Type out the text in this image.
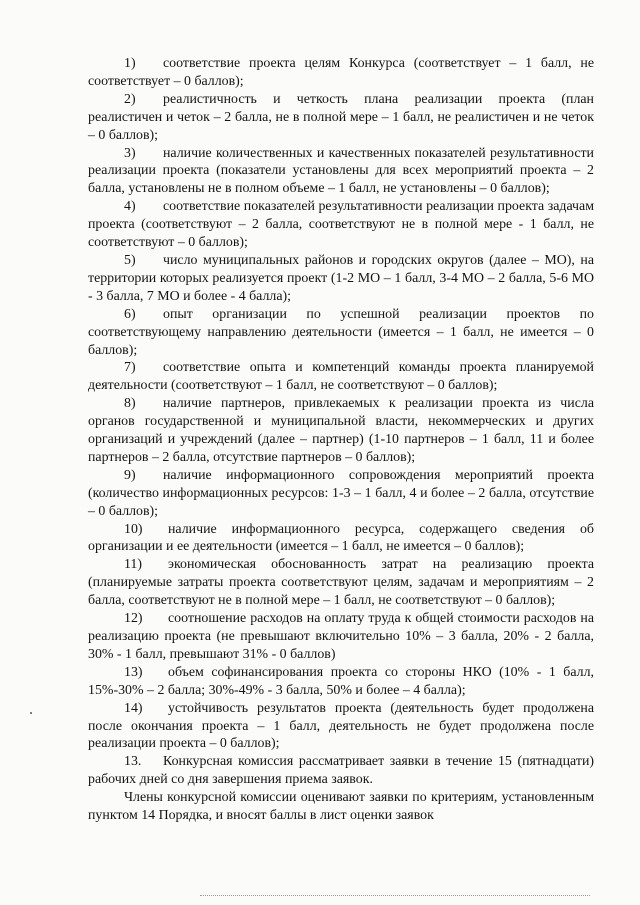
1) соответствие проекта целям Конкурса (соответствует – 1 балл, не соответствует – 0 баллов);

2) реалистичность и четкость плана реализации проекта (план реалистичен и четок – 2 балла, не в полной мере – 1 балл, не реалистичен и не четок – 0 баллов);

3) наличие количественных и качественных показателей результативности реализации проекта (показатели установлены для всех мероприятий проекта – 2 балла, установлены не в полном объеме – 1 балл, не установлены – 0 баллов);

4) соответствие показателей результативности реализации проекта задачам проекта (соответствуют – 2 балла, соответствуют не в полной мере - 1 балл, не соответствуют – 0 баллов);

5) число муниципальных районов и городских округов (далее – МО), на территории которых реализуется проект (1-2 МО – 1 балл, 3-4 МО – 2 балла, 5-6 МО - 3 балла, 7 МО и более - 4 балла);

6) опыт организации по успешной реализации проектов по соответствующему направлению деятельности (имеется – 1 балл, не имеется – 0 баллов);

7) соответствие опыта и компетенций команды проекта планируемой деятельности (соответствуют – 1 балл, не соответствуют – 0 баллов);

8) наличие партнеров, привлекаемых к реализации проекта из числа органов государственной и муниципальной власти, некоммерческих и других организаций и учреждений (далее – партнер) (1-10 партнеров – 1 балл, 11 и более партнеров – 2 балла, отсутствие партнеров – 0 баллов);

9) наличие информационного сопровождения мероприятий проекта (количество информационных ресурсов: 1-3 – 1 балл, 4 и более – 2 балла, отсутствие – 0 баллов);

10) наличие информационного ресурса, содержащего сведения об организации и ее деятельности (имеется – 1 балл, не имеется – 0 баллов);

11) экономическая обоснованность затрат на реализацию проекта (планируемые затраты проекта соответствуют целям, задачам и мероприятиям – 2 балла, соответствуют не в полной мере – 1 балл, не соответствуют – 0 баллов);

12) соотношение расходов на оплату труда к общей стоимости расходов на реализацию проекта (не превышают включительно 10% – 3 балла, 20% - 2 балла, 30% - 1 балл, превышают 31% - 0 баллов)

13) объем софинансирования проекта со стороны НКО (10% - 1 балл, 15%-30% – 2 балла; 30%-49% - 3 балла, 50% и более – 4 балла);

14) устойчивость результатов проекта (деятельность будет продолжена после окончания проекта – 1 балл, деятельность не будет продолжена после реализации проекта – 0 баллов);

13. Конкурсная комиссия рассматривает заявки в течение 15 (пятнадцати) рабочих дней со дня завершения приема заявок.

Члены конкурсной комиссии оценивают заявки по критериям, установленным пунктом 14 Порядка, и вносят баллы в лист оценки заявок
